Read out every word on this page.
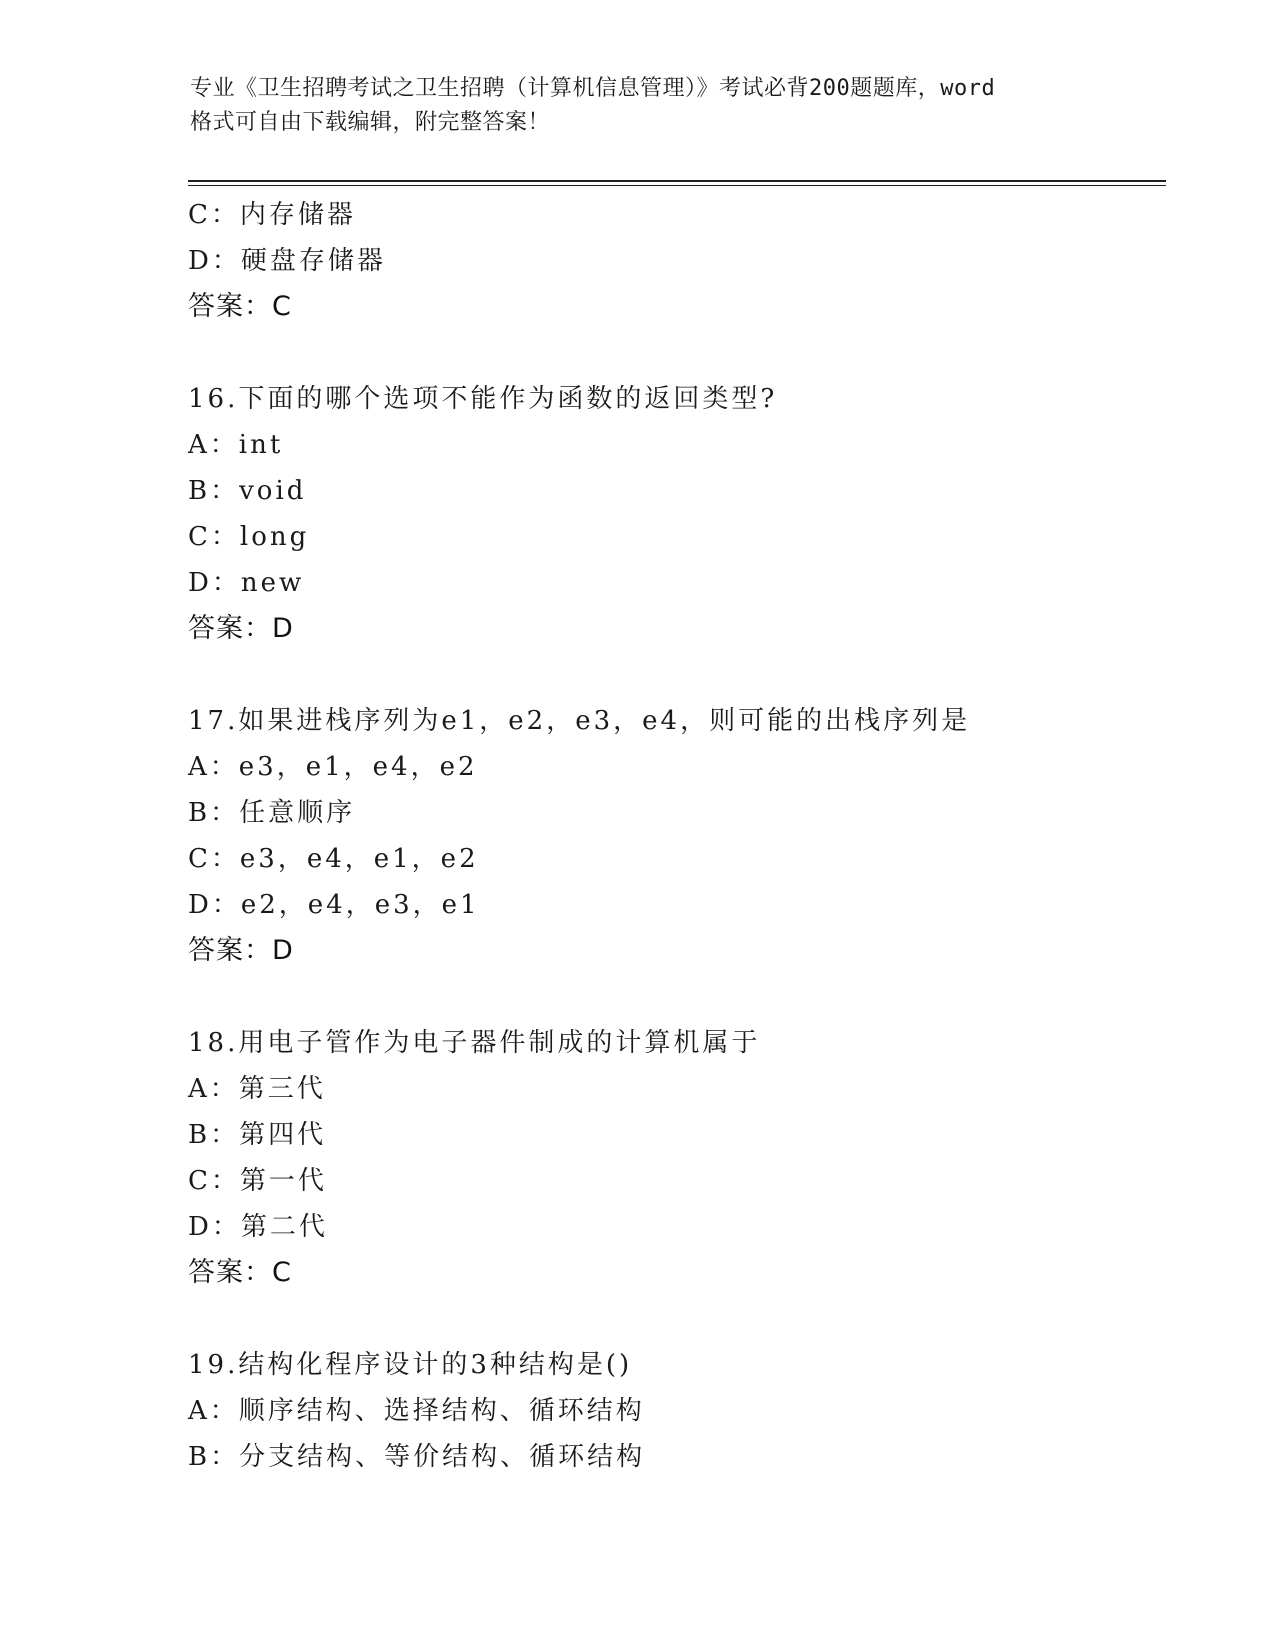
专业《卫生招聘考试之卫生招聘（计算机信息管理）》考试必背200题题库，word
格式可自由下载编辑，附完整答案！
C：内存储器
D：硬盘存储器
答案：C
16.下面的哪个选项不能作为函数的返回类型?
A：int
B：void
C：long
D：new
答案：D
17.如果进栈序列为e1，e2，e3，e4，则可能的出栈序列是
A：e3，e1，e4，e2
B：任意顺序
C：e3，e4，e1，e2
D：e2，e4，e3，e1
答案：D
18.用电子管作为电子器件制成的计算机属于
A：第三代
B：第四代
C：第一代
D：第二代
答案：C
19.结构化程序设计的3种结构是()
A：顺序结构、选择结构、循环结构
B：分支结构、等价结构、循环结构
